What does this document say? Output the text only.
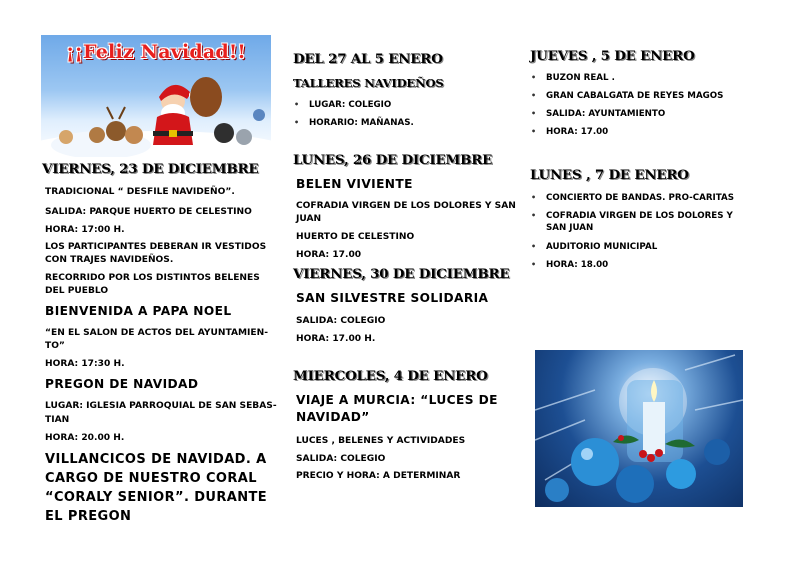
¡¡Feliz Navidad!!
VIERNES, 23 DE DICIEMBRE
TRADICIONAL “ DESFILE NAVIDEÑO”.
SALIDA: PARQUE HUERTO DE CELESTINO
HORA: 17:00 H.
LOS PARTICIPANTES DEBERAN IR VESTIDOS
CON TRAJES NAVIDEÑOS.
RECORRIDO POR LOS DISTINTOS BELENES
DEL PUEBLO
BIENVENIDA A PAPA NOEL
“EN EL SALON DE ACTOS DEL AYUNTAMIEN-
TO”
HORA: 17:30 H.
PREGON DE NAVIDAD
LUGAR: IGLESIA PARROQUIAL DE SAN SEBAS-
TIAN
HORA: 20.00 H.
VILLANCICOS DE NAVIDAD. A
CARGO DE NUESTRO CORAL
“CORALY SENIOR”. DURANTE
EL PREGON
DEL 27 AL 5 ENERO
TALLERES NAVIDEÑOS
• LUGAR: COLEGIO
• HORARIO: MAÑANAS.
LUNES, 26 DE DICIEMBRE
BELEN VIVIENTE
COFRADIA VIRGEN DE LOS DOLORES Y SAN
JUAN
HUERTO DE CELESTINO
HORA: 17.00
VIERNES, 30 DE DICIEMBRE
SAN SILVESTRE SOLIDARIA
SALIDA: COLEGIO
HORA: 17.00 H.
MIERCOLES, 4 DE ENERO
VIAJE A MURCIA: “LUCES DE
NAVIDAD”
LUCES , BELENES Y ACTIVIDADES
SALIDA: COLEGIO
PRECIO Y HORA: A DETERMINAR
JUEVES , 5 DE ENERO
• BUZON REAL .
• GRAN CABALGATA DE REYES MAGOS
• SALIDA: AYUNTAMIENTO
• HORA: 17.00
LUNES , 7 DE ENERO
• CONCIERTO DE BANDAS. PRO-CARITAS
• COFRADIA VIRGEN DE LOS DOLORES Y
SAN JUAN
• AUDITORIO MUNICIPAL
• HORA: 18.00
